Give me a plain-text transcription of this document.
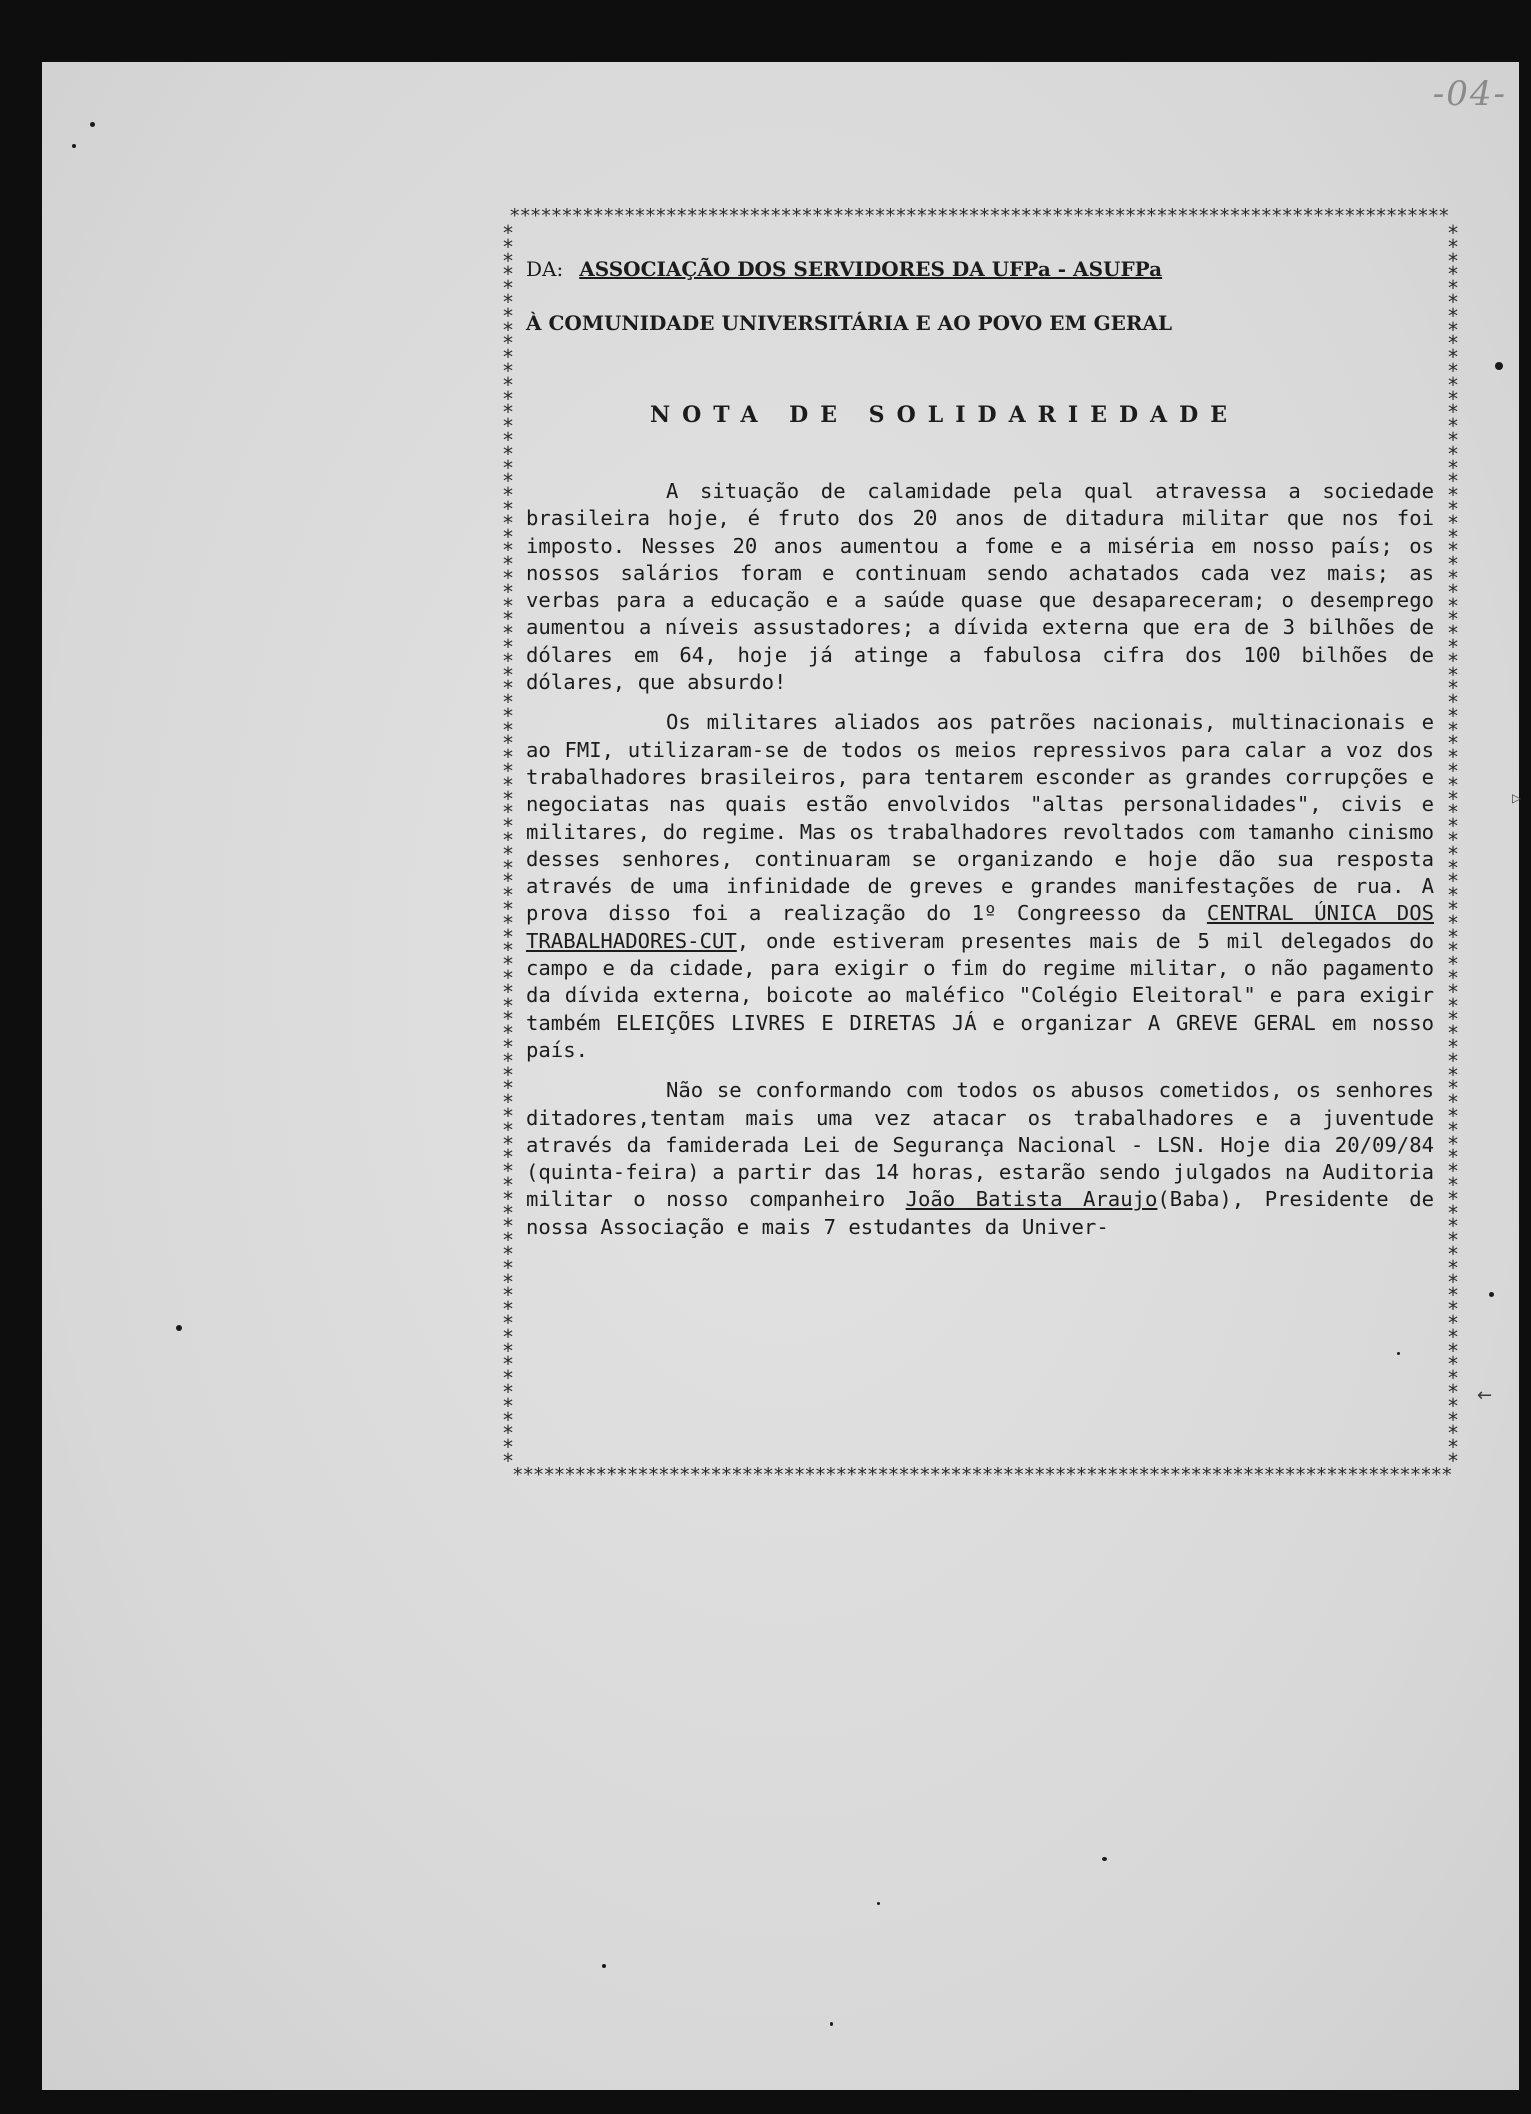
-04-
******************************************************************************************
******************************************************************************************
******************************************************************************************
******************************************************************************************

DA: ASSOCIAÇÃO DOS SERVIDORES DA UFPa - ASUFPa

À COMUNIDADE UNIVERSITÁRIA E AO POVO EM GERAL

NOTA DE SOLIDARIEDADE

A situação de calamidade pela qual atravessa a sociedade brasileira hoje, é fruto dos 20 anos de ditadura militar que nos foi imposto. Nesses 20 anos aumentou a fome e a miséria em nosso país; os nossos salários foram e continuam sendo achatados cada vez mais; as verbas para a educação e a saúde quase que desapareceram; o desemprego aumentou a níveis assustadores; a dívida externa que era de 3 bilhões de dólares em 64, hoje já atinge a fabulosa cifra dos 100 bilhões de dólares, que absurdo!

Os militares aliados aos patrões nacionais, multinacionais e ao FMI, utilizaram-se de todos os meios repressivos para calar a voz dos trabalhadores brasileiros, para tentarem esconder as grandes corrupções e negociatas nas quais estão envolvidos "altas personalidades", civis e militares, do regime. Mas os trabalhadores revoltados com tamanho cinismo desses senhores, continuaram se organizando e hoje dão sua resposta através de uma infinidade de greves e grandes manifestações de rua. A prova disso foi a realização do 1º Congreesso da CENTRAL ÚNICA DOS TRABALHADORES-CUT, onde estiveram presentes mais de 5 mil delegados do campo e da cidade, para exigir o fim do regime militar, o não pagamento da dívida externa, boicote ao maléfico "Colégio Eleitoral" e para exigir também ELEIÇÕES LIVRES E DIRETAS JÁ e organizar A GREVE GERAL em nosso país.

Não se conformando com todos os abusos cometidos, os senhores ditadores,tentam mais uma vez atacar os trabalhadores e a juventude através da famiderada Lei de Segurança Nacional - LSN. Hoje dia 20/09/84 (quinta-feira) a partir das 14 horas, estarão sendo julgados na Auditoria militar o nosso companheiro João Batista Araujo(Baba), Presidente de nossa Associação e mais 7 estudantes da Univer-

←
▷
